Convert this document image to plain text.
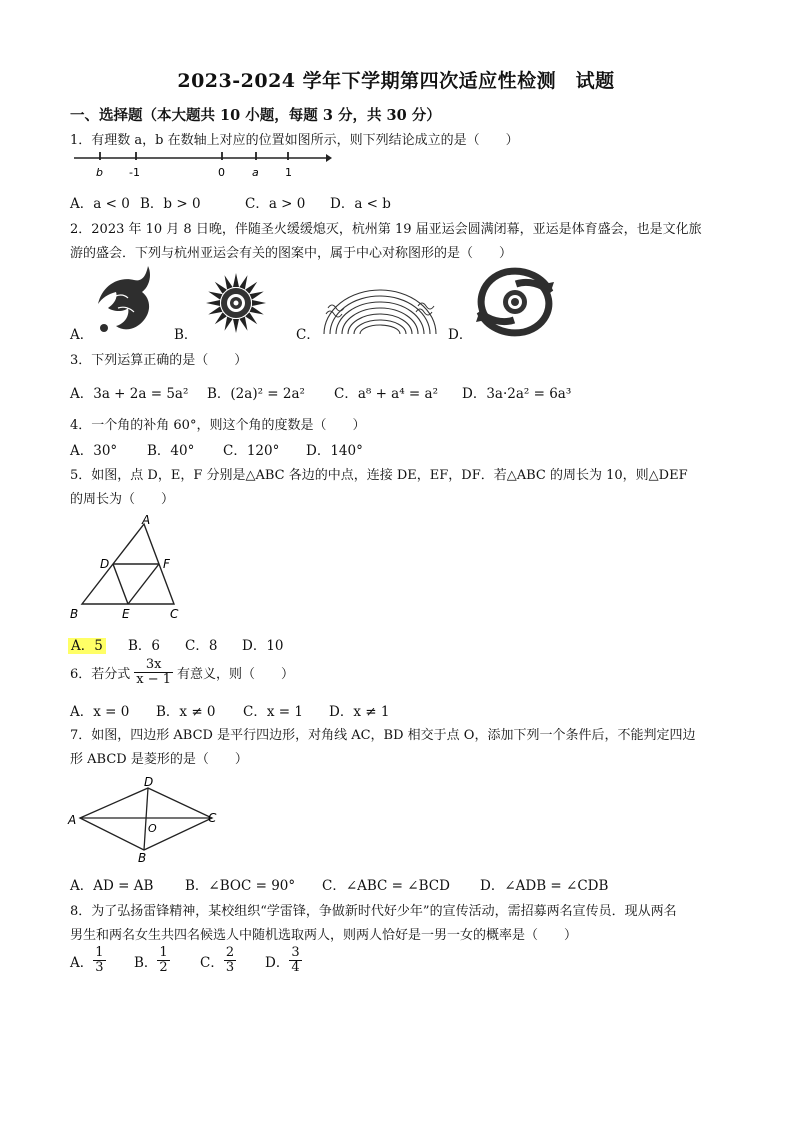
2023-2024 学年下学期第四次适应性检测　试题
一、选择题（本大题共 10 小题，每题 3 分，共 30 分）
1．有理数 a，b 在数轴上对应的位置如图所示，则下列结论成立的是（　　）
b -1	0 a 1
A．a < 0 B．b > 0	C．a > 0 D．a < b
2．2023 年 10 月 8 日晚，伴随圣火缓缓熄灭，杭州第 19 届亚运会圆满闭幕，亚运是体育盛会，也是文化旅
游的盛会．下列与杭州亚运会有关的图案中，属于中心对称图形的是（　　）
A．	B．	C．	D．
3．下列运算正确的是（　　）
A．3a + 2a = 5a² B．(2a)² = 2a² C．a⁸ + a⁴ = a² D．3a·2a² = 6a³
4．一个角的补角 60°，则这个角的度数是（　　）
A．30° B．40° C．120° D．140°
5．如图，点 D，E，F 分别是△ABC 各边的中点，连接 DE，EF，DF．若△ABC 的周长为 10，则△DEF
的周长为（　　）
A
D	F
B	E	C
A．5 B．6 C．8 D．10
6．若分式 $\frac{3x}{x - 1}$ 有意义，则（　　）
A．x = 0 B．x ≠ 0 C．x = 1 D．x ≠ 1
7．如图，四边形 ABCD 是平行四边形，对角线 AC，BD 相交于点 O，添加下列一个条件后，不能判定四边
形 ABCD 是菱形的是（　　）
D
A
O
C
B
A．AD = AB B．∠BOC = 90° C．∠ABC = ∠BCD D．∠ADB = ∠CDB
8．为了弘扬雷锋精神，某校组织“学雷锋，争做新时代好少年”的宣传活动，需招募两名宣传员．现从两名
男生和两名女生共四名候选人中随机选取两人，则两人恰好是一男一女的概率是（　　）
A． $\frac{1}{3}$ B． $\frac{1}{2}$ C． $\frac{2}{3}$ D． $\frac{3}{4}$
